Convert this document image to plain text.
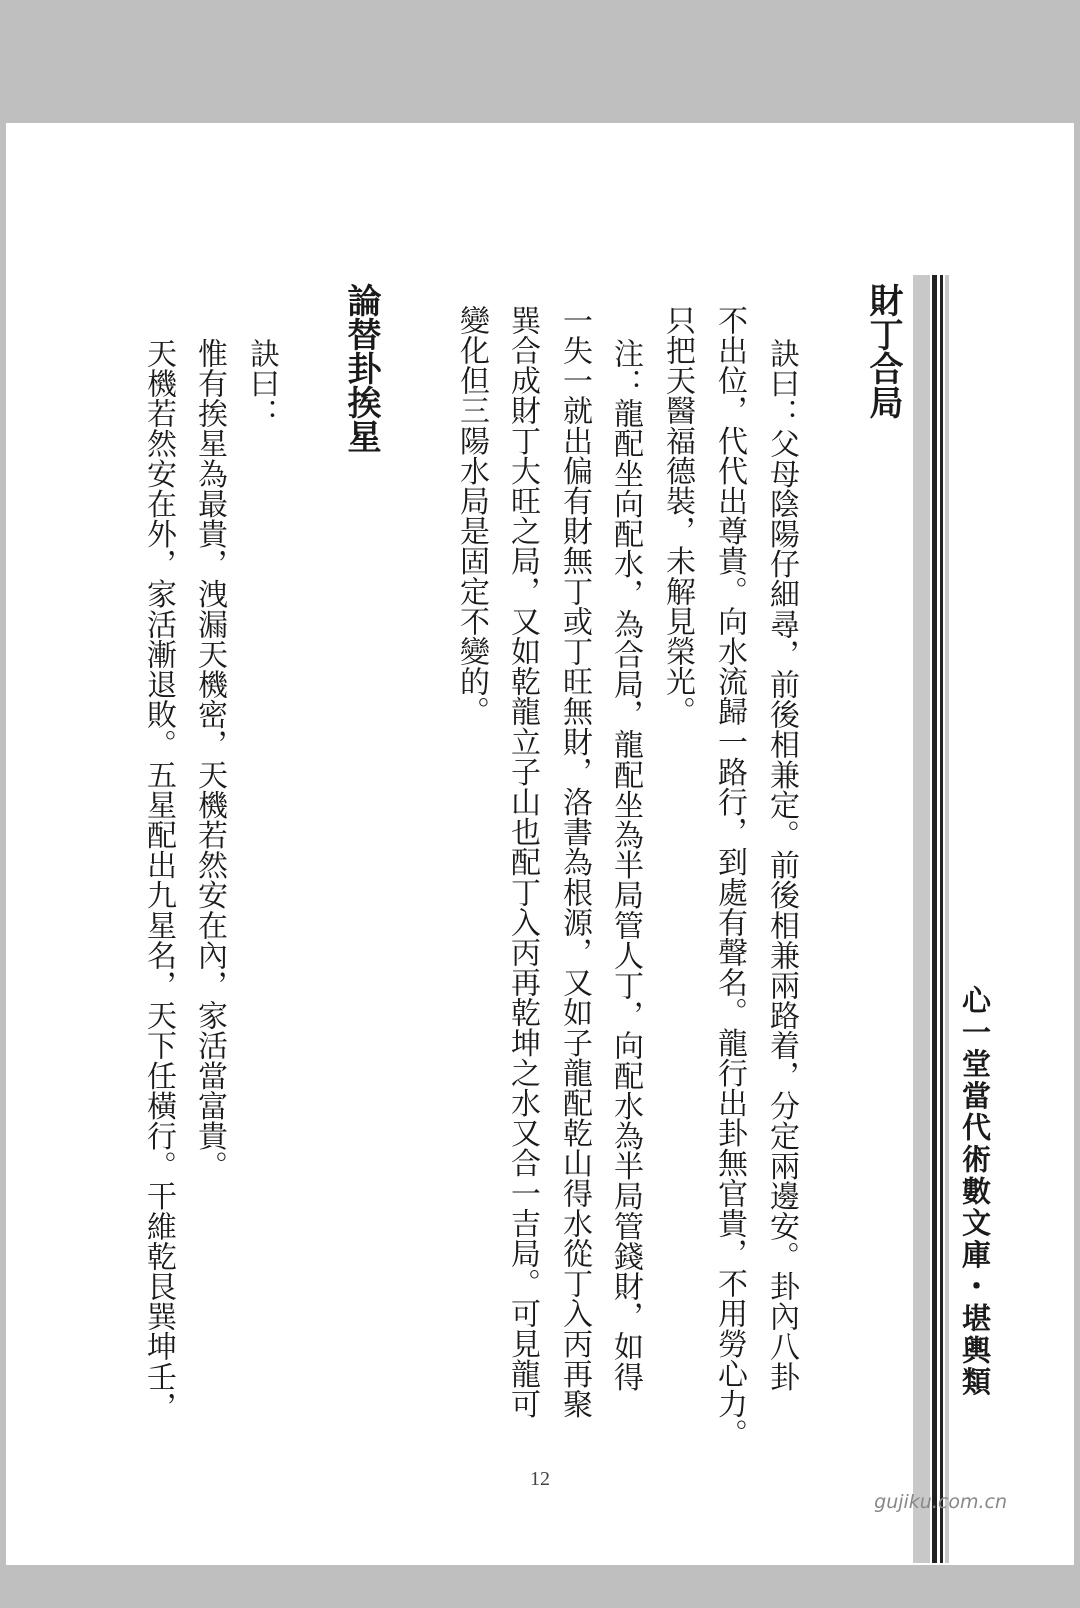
心一堂當代術數文庫・堪輿類
財丁合局
訣曰：父母陰陽仔細尋，前後相兼定。前後相兼兩路着，分定兩邊安。卦內八卦
不出位，代代出尊貴。向水流歸一路行，到處有聲名。龍行出卦無官貴，不用勞心力。
只把天醫福德裝，未解見榮光。
注：龍配坐向配水，為合局，龍配坐為半局管人丁，向配水為半局管錢財，如得
一失一就出偏有財無丁或丁旺無財，洛書為根源，又如子龍配乾山得水從丁入丙再聚
巽合成財丁大旺之局，又如乾龍立子山也配丁入丙再乾坤之水又合一吉局。可見龍可
變化但三陽水局是固定不變的。
論替卦挨星
訣曰：
惟有挨星為最貴，洩漏天機密，天機若然安在內，家活當富貴。
天機若然安在外，家活漸退敗。五星配出九星名，天下任橫行。干維乾艮巽坤壬，
12
gujiku.com.cn
